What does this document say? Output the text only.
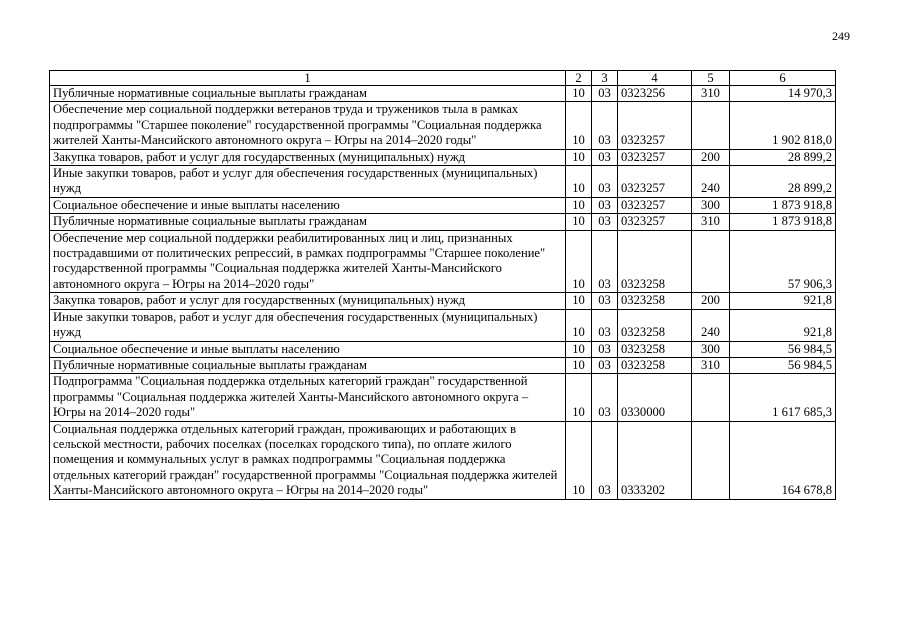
249
1	2	3	4	5	6
Публичные нормативные социальные выплаты гражданам	10	03	0323256	310	14 970,3
Обеспечение мер социальной поддержки ветеранов труда и тружеников тыла в рамках подпрограммы "Старшее поколение" государственной программы "Социальная поддержка жителей Ханты-Мансийского автономного округа – Югры на 2014–2020 годы"	10	03	0323257		1 902 818,0
Закупка товаров, работ и услуг для государственных (муниципальных) нужд	10	03	0323257	200	28 899,2
Иные закупки товаров, работ и услуг для обеспечения государственных (муниципальных) нужд	10	03	0323257	240	28 899,2
Социальное обеспечение и иные выплаты населению	10	03	0323257	300	1 873 918,8
Публичные нормативные социальные выплаты гражданам	10	03	0323257	310	1 873 918,8
Обеспечение мер социальной поддержки реабилитированных лиц и лиц, признанных пострадавшими от политических репрессий, в рамках подпрограммы "Старшее поколение" государственной программы "Социальная поддержка жителей Ханты-Мансийского автономного округа – Югры на 2014–2020 годы"	10	03	0323258		57 906,3
Закупка товаров, работ и услуг для государственных (муниципальных) нужд	10	03	0323258	200	921,8
Иные закупки товаров, работ и услуг для обеспечения государственных (муниципальных) нужд	10	03	0323258	240	921,8
Социальное обеспечение и иные выплаты населению	10	03	0323258	300	56 984,5
Публичные нормативные социальные выплаты гражданам	10	03	0323258	310	56 984,5
Подпрограмма "Социальная поддержка отдельных категорий граждан" государственной программы "Социальная поддержка жителей Ханты-Мансийского автономного округа – Югры на 2014–2020 годы"	10	03	0330000		1 617 685,3
Социальная поддержка отдельных категорий граждан, проживающих и работающих в сельской местности, рабочих поселках (поселках городского типа), по оплате жилого помещения и коммунальных услуг в рамках подпрограммы "Социальная поддержка отдельных категорий граждан" государственной программы "Социальная поддержка жителей Ханты-Мансийского автономного округа – Югры на 2014–2020 годы"	10	03	0333202		164 678,8
